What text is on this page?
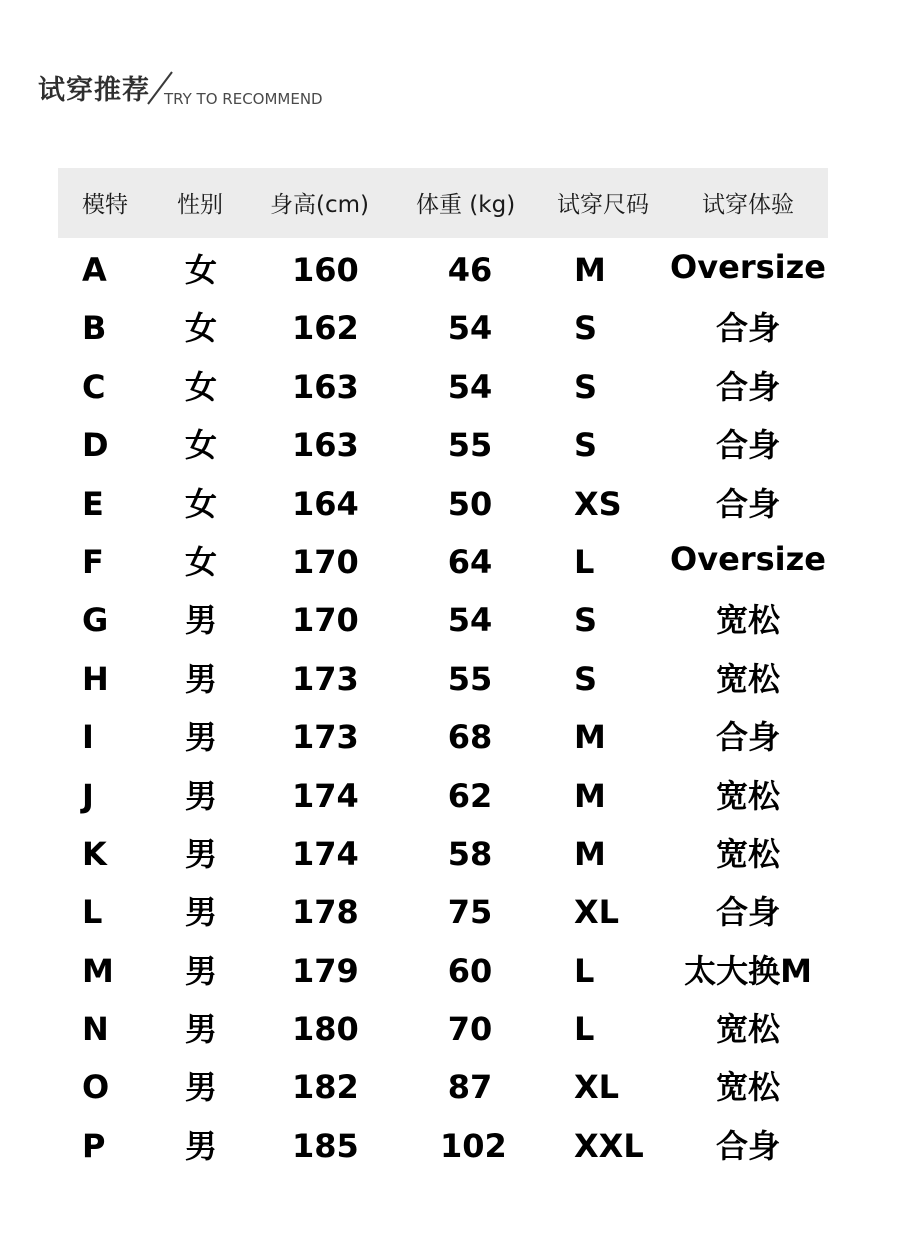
试穿推荐 TRY TO RECOMMEND
模特 性别 身高(cm) 体重 (kg) 试穿尺码 试穿体验
A 女 160	46	M Oversize
B 女 162	54	S	合身
C 女 163	54	S	合身
D 女 163	55	S	合身
E	女 164	50	XS	合身
F	女 170	64	L Oversize
G 男 170	54	S	宽松
H 男 173	55	S	宽松
I	男 173	68	M	合身
J	男 174	62	M	宽松
K 男 174	58	M	宽松
L	男 178	75	XL	合身
M 男 179	60	L	太大换M
N 男 180	70	L	宽松
O 男 182	87	XL	宽松
P 男 185	102 XXL	合身
